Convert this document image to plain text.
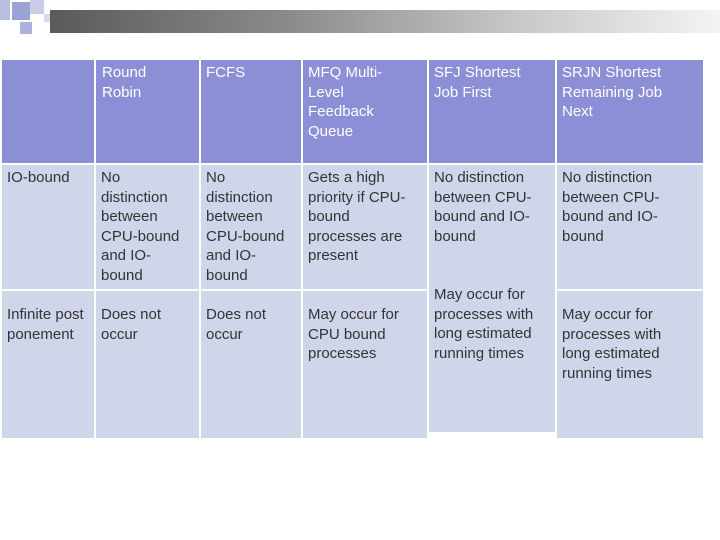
	Round Robin	FCFS	MFQ Multi-Level Feedback Queue	SFJ Shortest Job First	SRJN Shortest Remaining Job Next

IO-bound	No distinction between CPU-bound and IO-bound	No distinction between CPU-bound and IO-bound	Gets a high priority if CPU-bound processes are present	No distinction between CPU-bound and IO-bound	No distinction between CPU-bound and IO-bound

Infinite postponement	Does not occur	Does not occur	May occur for CPU bound processes	May occur for processes with long estimated running times	May occur for processes with long estimated running times
